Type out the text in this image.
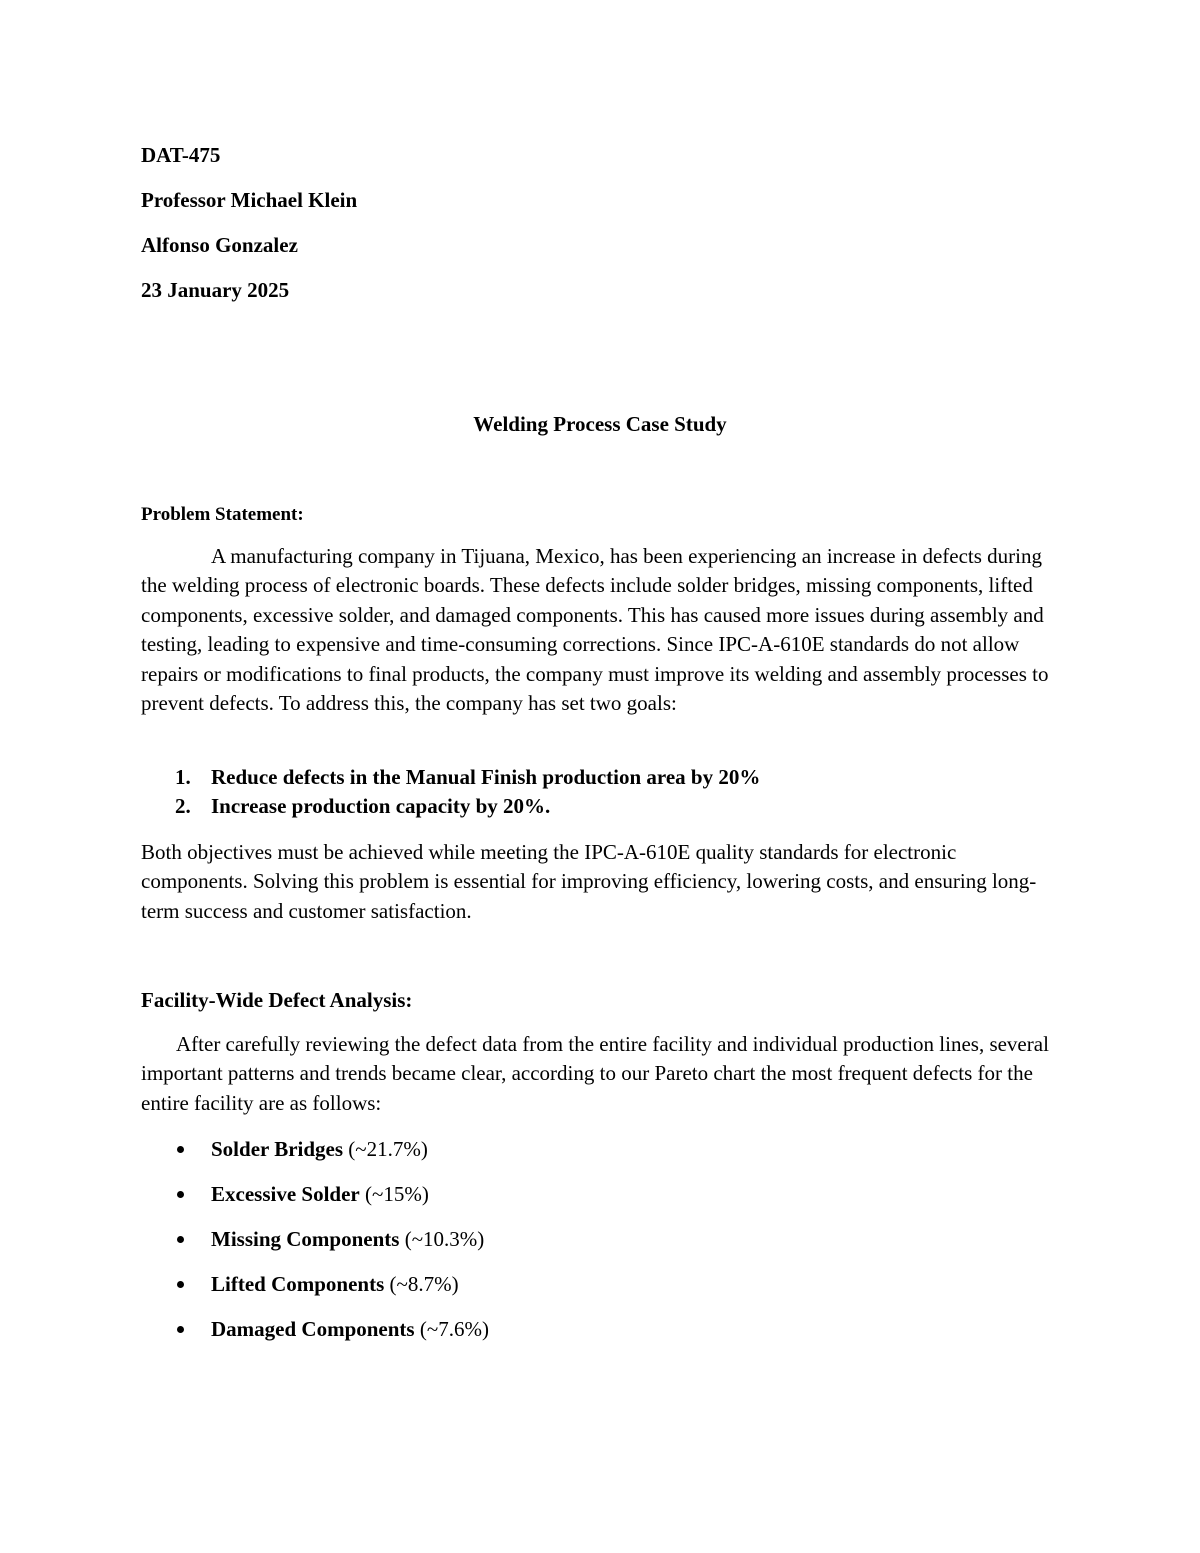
DAT-475
Professor Michael Klein
Alfonso Gonzalez
23 January 2025
Welding Process Case Study
Problem Statement:

A manufacturing company in Tijuana, Mexico, has been experiencing an increase in defects during the welding process of electronic boards. These defects include solder bridges, missing components, lifted components, excessive solder, and damaged components. This has caused more issues during assembly and testing, leading to expensive and time-consuming corrections. Since IPC-A-610E standards do not allow repairs or modifications to final products, the company must improve its welding and assembly processes to prevent defects. To address this, the company has set two goals:

1. Reduce defects in the Manual Finish production area by 20%
2. Increase production capacity by 20%.

Both objectives must be achieved while meeting the IPC-A-610E quality standards for electronic components. Solving this problem is essential for improving efficiency, lowering costs, and ensuring long-term success and customer satisfaction.

Facility-Wide Defect Analysis:

After carefully reviewing the defect data from the entire facility and individual production lines, several important patterns and trends became clear, according to our Pareto chart the most frequent defects for the entire facility are as follows:

Solder Bridges (~21.7%)
Excessive Solder (~15%)
Missing Components (~10.3%)
Lifted Components (~8.7%)
Damaged Components (~7.6%)
